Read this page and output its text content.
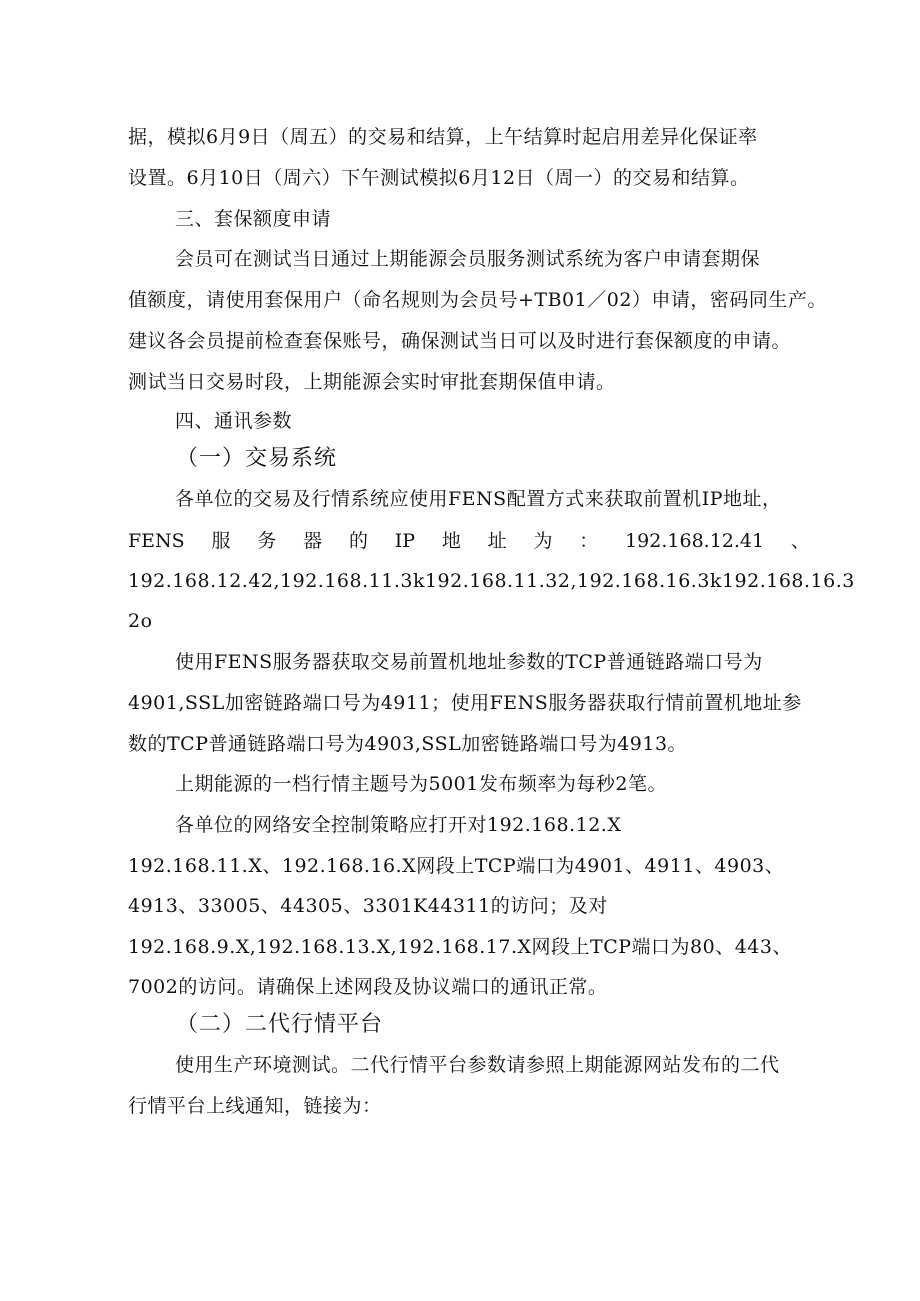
据，模拟6月9日（周五）的交易和结算，上午结算时起启用差异化保证率
设置。6月10日（周六）下午测试模拟6月12日（周一）的交易和结算。
三、套保额度申请
会员可在测试当日通过上期能源会员服务测试系统为客户申请套期保
值额度，请使用套保用户（命名规则为会员号+TB01／02）申请，密码同生产。
建议各会员提前检查套保账号，确保测试当日可以及时进行套保额度的申请。
测试当日交易时段，上期能源会实时审批套期保值申请。
四、通讯参数
（一）交易系统
各单位的交易及行情系统应使用FENS配置方式来获取前置机IP地址，
FENS 服 务 器 的 IP 地 址 为 ： 192.168.12.41 、
192.168.12.42,192.168.11.3k192.168.11.32,192.168.16.3k192.168.16.3
2o
使用FENS服务器获取交易前置机地址参数的TCP普通链路端口号为
4901,SSL加密链路端口号为4911；使用FENS服务器获取行情前置机地址参
数的TCP普通链路端口号为4903,SSL加密链路端口号为4913。
上期能源的一档行情主题号为5001发布频率为每秒2笔。
各单位的网络安全控制策略应打开对192.168.12.X
192.168.11.X、192.168.16.X网段上TCP端口为4901、4911、4903、
4913、33005、44305、3301K44311的访问；及对
192.168.9.X,192.168.13.X,192.168.17.X网段上TCP端口为80、443、
7002的访问。请确保上述网段及协议端口的通讯正常。
（二）二代行情平台
使用生产环境测试。二代行情平台参数请参照上期能源网站发布的二代
行情平台上线通知，链接为：
